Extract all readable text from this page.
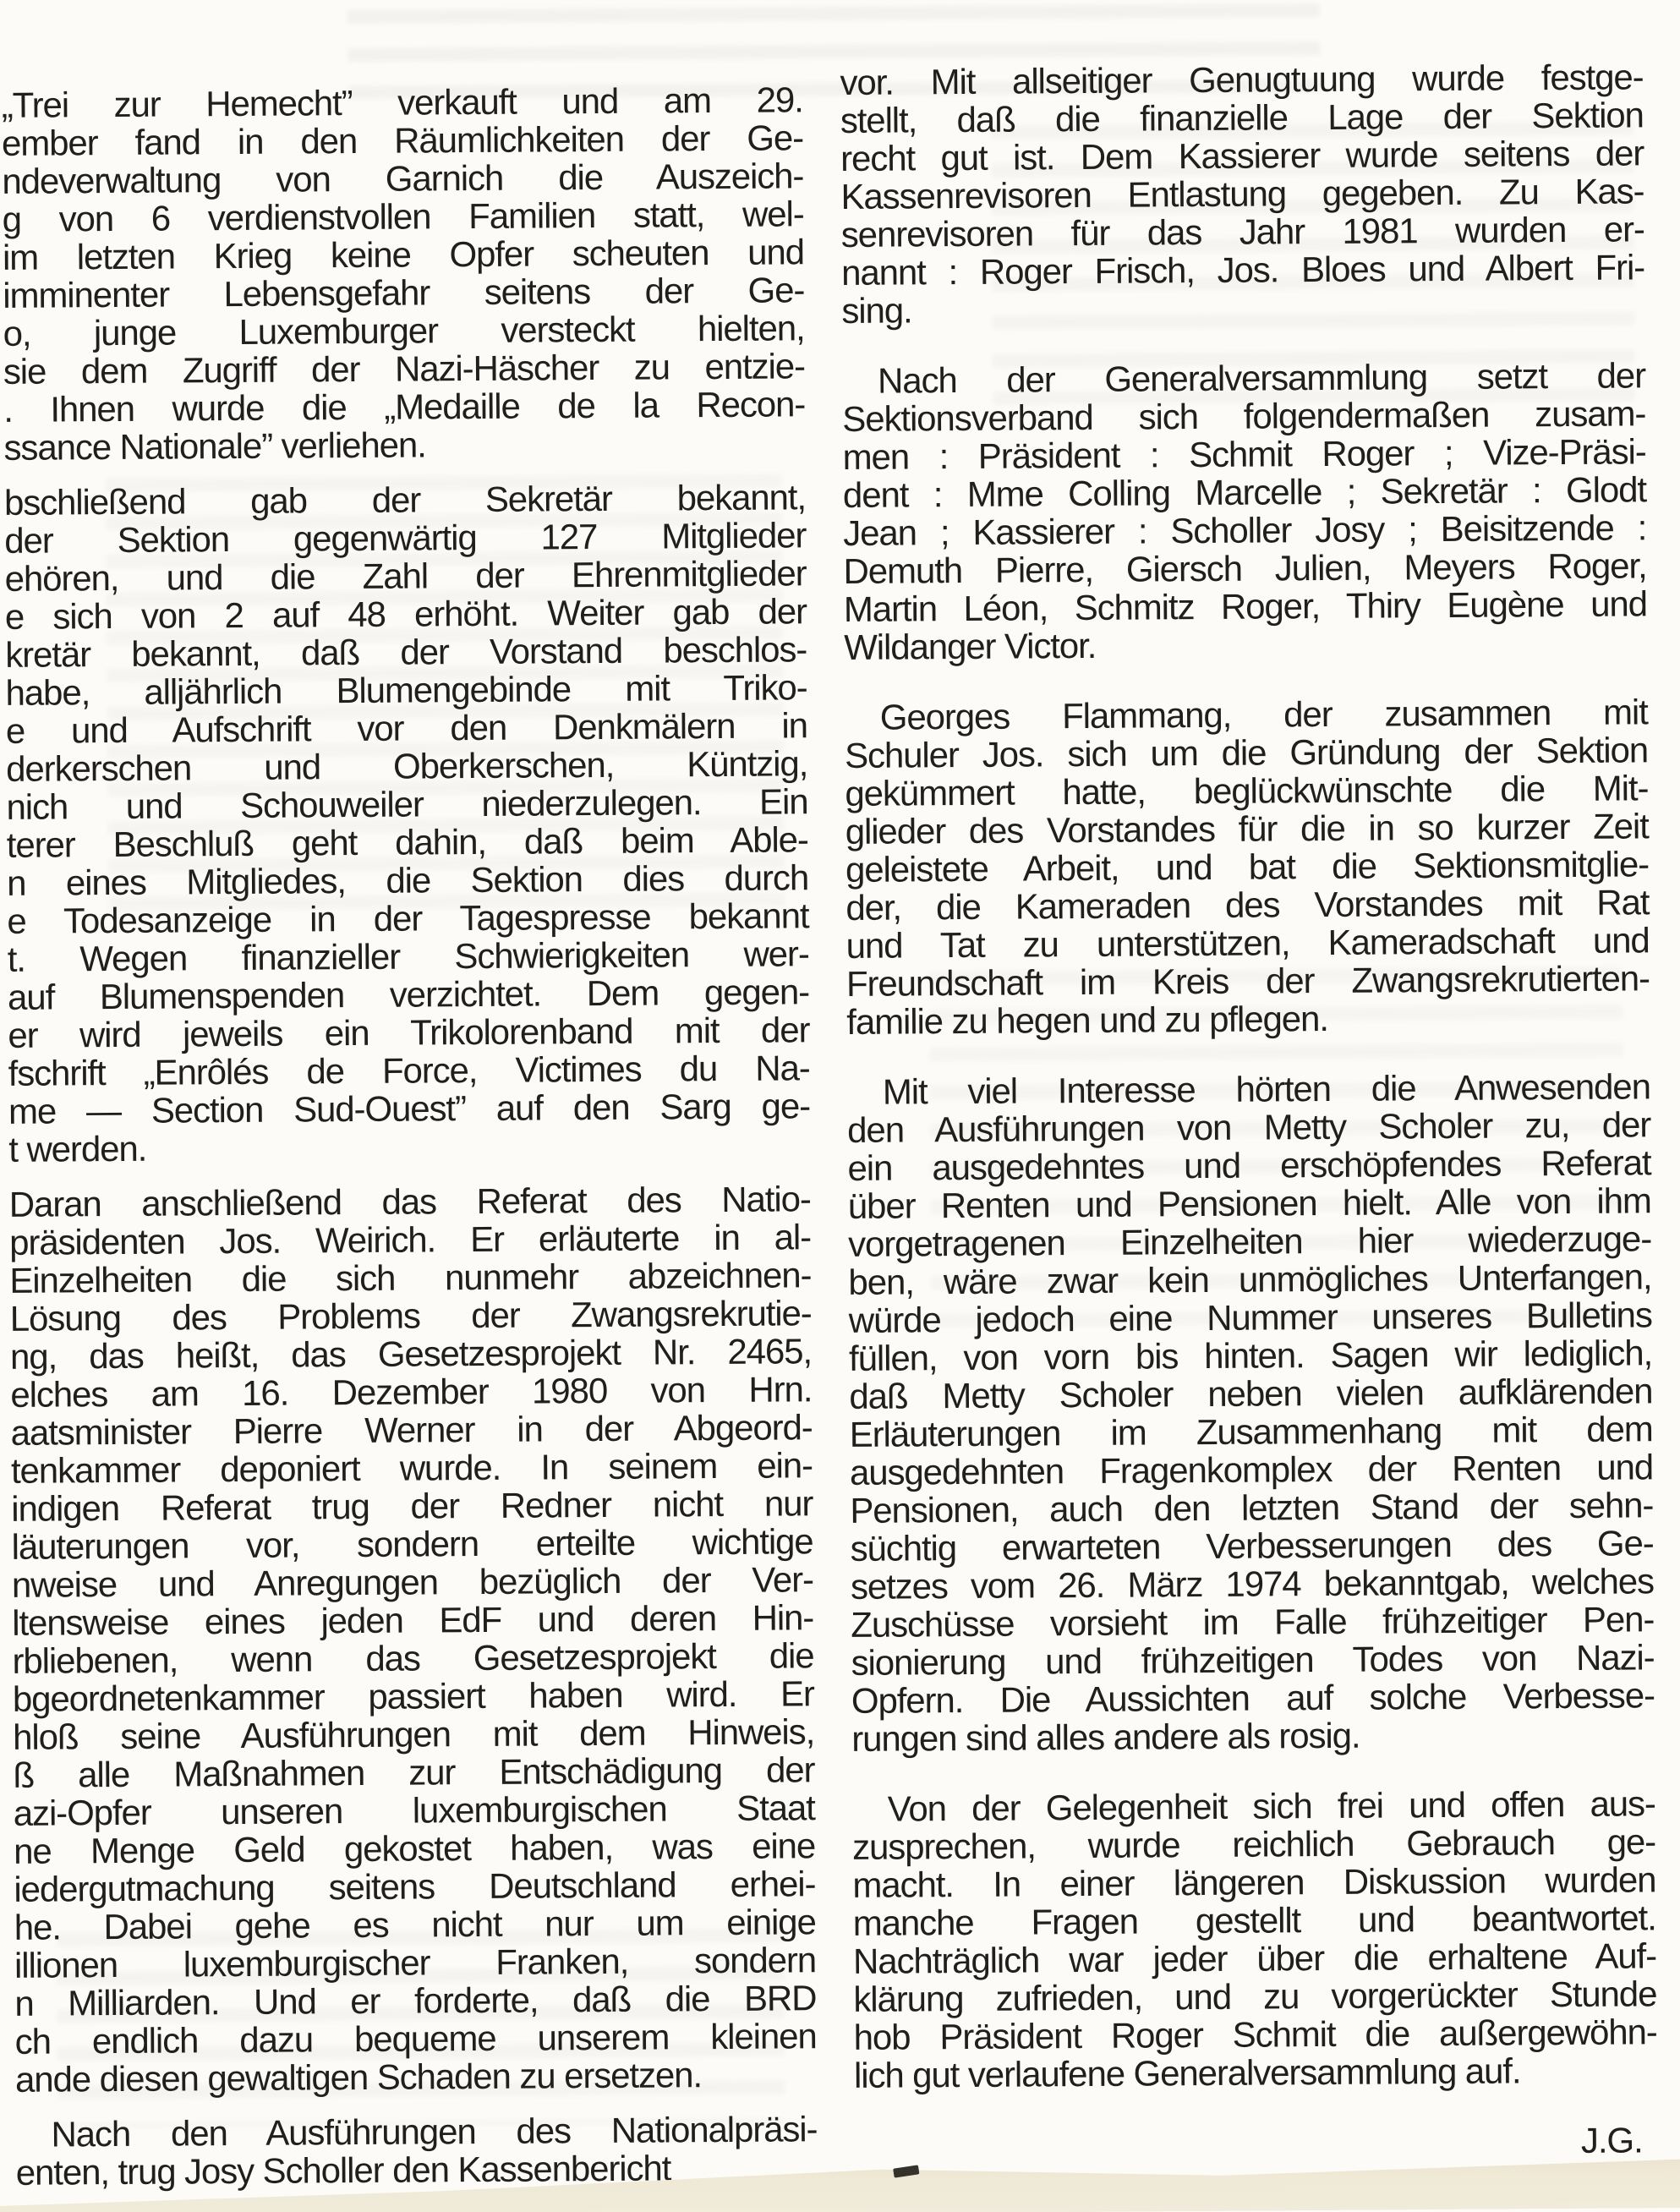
„Trei zur Hemecht” verkauft und am 29.
ember fand in den Räumlichkeiten der Ge-
ndeverwaltung von Garnich die Auszeich-
g von 6 verdienstvollen Familien statt, wel-
im letzten Krieg keine Opfer scheuten und
imminenter Lebensgefahr seitens der Ge-
o, junge Luxemburger versteckt hielten,
sie dem Zugriff der Nazi-Häscher zu entzie-
. Ihnen wurde die „Medaille de la Recon-
ssance Nationale” verliehen.
bschließend gab der Sekretär bekannt,
der Sektion gegenwärtig 127 Mitglieder
ehören, und die Zahl der Ehrenmitglieder
e sich von 2 auf 48 erhöht. Weiter gab der
kretär bekannt, daß der Vorstand beschlos-
habe, alljährlich Blumengebinde mit Triko-
e und Aufschrift vor den Denkmälern in
derkerschen und Oberkerschen, Küntzig,
nich und Schouweiler niederzulegen. Ein
terer Beschluß geht dahin, daß beim Able-
n eines Mitgliedes, die Sektion dies durch
e Todesanzeige in der Tagespresse bekannt
t. Wegen finanzieller Schwierigkeiten wer-
auf Blumenspenden verzichtet. Dem gegen-
er wird jeweils ein Trikolorenband mit der
fschrift „Enrôlés de Force, Victimes du Na-
me — Section Sud-Ouest” auf den Sarg ge-
t werden.
Daran anschließend das Referat des Natio-
präsidenten Jos. Weirich. Er erläuterte in al-
Einzelheiten die sich nunmehr abzeichnen-
Lösung des Problems der Zwangsrekrutie-
ng, das heißt, das Gesetzesprojekt Nr. 2465,
elches am 16. Dezember 1980 von Hrn.
aatsminister Pierre Werner in der Abgeord-
tenkammer deponiert wurde. In seinem ein-
indigen Referat trug der Redner nicht nur
läuterungen vor, sondern erteilte wichtige
nweise und Anregungen bezüglich der Ver-
ltensweise eines jeden EdF und deren Hin-
rbliebenen, wenn das Gesetzesprojekt die
bgeordnetenkammer passiert haben wird. Er
hloß seine Ausführungen mit dem Hinweis,
ß alle Maßnahmen zur Entschädigung der
azi-Opfer unseren luxemburgischen Staat
ne Menge Geld gekostet haben, was eine
iedergutmachung seitens Deutschland erhei-
he. Dabei gehe es nicht nur um einige
illionen luxemburgischer Franken, sondern
n Milliarden. Und er forderte, daß die BRD
ch endlich dazu bequeme unserem kleinen
ande diesen gewaltigen Schaden zu ersetzen.
Nach den Ausführungen des Nationalpräsi-
enten, trug Josy Scholler den Kassenbericht
vor. Mit allseitiger Genugtuung wurde festge-
stellt, daß die finanzielle Lage der Sektion
recht gut ist. Dem Kassierer wurde seitens der
Kassenrevisoren Entlastung gegeben. Zu Kas-
senrevisoren für das Jahr 1981 wurden er-
nannt : Roger Frisch, Jos. Bloes und Albert Fri-
sing.
Nach der Generalversammlung setzt der
Sektionsverband sich folgendermaßen zusam-
men : Präsident : Schmit Roger ; Vize-Präsi-
dent : Mme Colling Marcelle ; Sekretär : Glodt
Jean ; Kassierer : Scholler Josy ; Beisitzende :
Demuth Pierre, Giersch Julien, Meyers Roger,
Martin Léon, Schmitz Roger, Thiry Eugène und
Wildanger Victor.
Georges Flammang, der zusammen mit
Schuler Jos. sich um die Gründung der Sektion
gekümmert hatte, beglückwünschte die Mit-
glieder des Vorstandes für die in so kurzer Zeit
geleistete Arbeit, und bat die Sektionsmitglie-
der, die Kameraden des Vorstandes mit Rat
und Tat zu unterstützen, Kameradschaft und
Freundschaft im Kreis der Zwangsrekrutierten-
familie zu hegen und zu pflegen.
Mit viel Interesse hörten die Anwesenden
den Ausführungen von Metty Scholer zu, der
ein ausgedehntes und erschöpfendes Referat
über Renten und Pensionen hielt. Alle von ihm
vorgetragenen Einzelheiten hier wiederzuge-
ben, wäre zwar kein unmögliches Unterfangen,
würde jedoch eine Nummer unseres Bulletins
füllen, von vorn bis hinten. Sagen wir lediglich,
daß Metty Scholer neben vielen aufklärenden
Erläuterungen im Zusammenhang mit dem
ausgedehnten Fragenkomplex der Renten und
Pensionen, auch den letzten Stand der sehn-
süchtig erwarteten Verbesserungen des Ge-
setzes vom 26. März 1974 bekanntgab, welches
Zuschüsse vorsieht im Falle frühzeitiger Pen-
sionierung und frühzeitigen Todes von Nazi-
Opfern. Die Aussichten auf solche Verbesse-
rungen sind alles andere als rosig.
Von der Gelegenheit sich frei und offen aus-
zusprechen, wurde reichlich Gebrauch ge-
macht. In einer längeren Diskussion wurden
manche Fragen gestellt und beantwortet.
Nachträglich war jeder über die erhaltene Auf-
klärung zufrieden, und zu vorgerückter Stunde
hob Präsident Roger Schmit die außergewöhn-
lich gut verlaufene Generalversammlung auf.
J.G.
